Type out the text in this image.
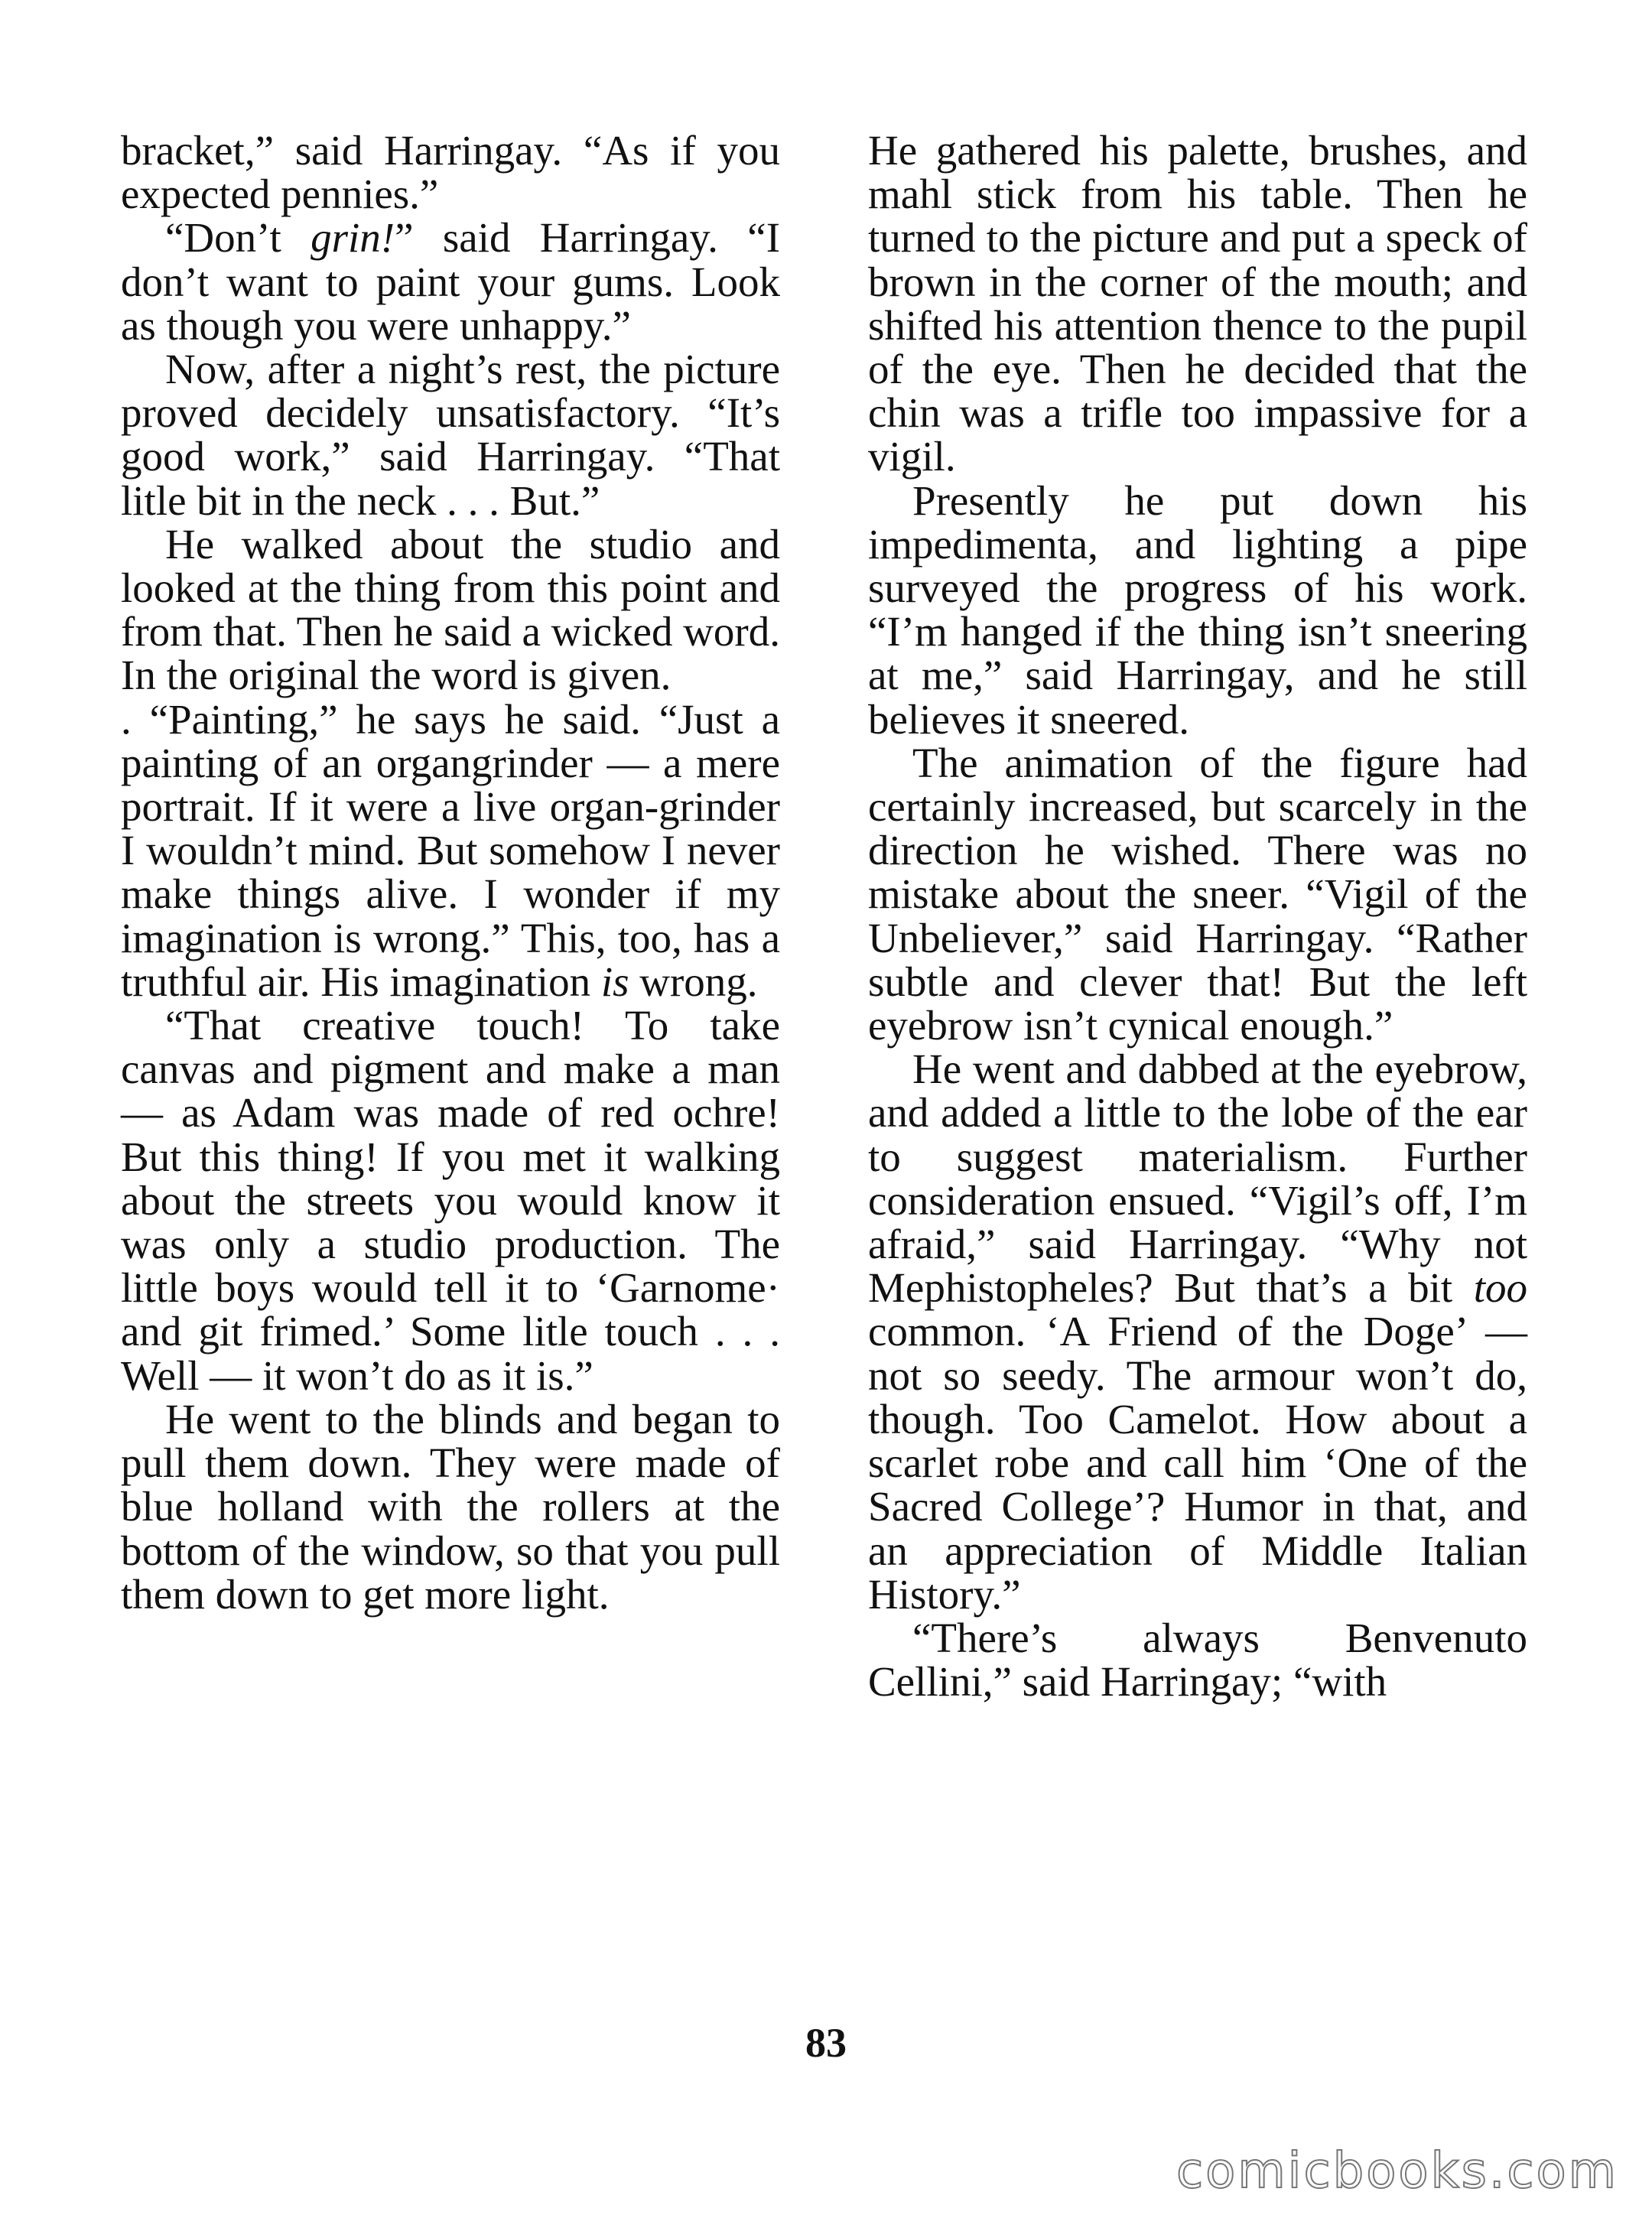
bracket,” said Harringay. “As if you expected pennies.”

“Don’t grin!” said Harringay. “I don’t want to paint your gums. Look as though you were unhappy.”

Now, after a night’s rest, the picture proved decidely unsatisfactory. “It’s good work,” said Harringay. “That litle bit in the neck . . . But.”

He walked about the studio and looked at the thing from this point and from that. Then he said a wicked word. In the original the word is given.

. “Painting,” he says he said. “Just a painting of an organgrinder — a mere portrait. If it were a live organ-grinder I wouldn’t mind. But somehow I never make things alive. I wonder if my imagination is wrong.” This, too, has a truthful air. His imagination is wrong.

“That creative touch! To take canvas and pigment and make a man — as Adam was made of red ochre! But this thing! If you met it walking about the streets you would know it was only a studio production. The little boys would tell it to ‘Garnome· and git frimed.’ Some litle touch . . . Well — it won’t do as it is.”

He went to the blinds and began to pull them down. They were made of blue holland with the rollers at the bottom of the window, so that you pull them down to get more light.

He gathered his palette, brushes, and mahl stick from his table. Then he turned to the picture and put a speck of brown in the corner of the mouth; and shifted his attention thence to the pupil of the eye. Then he decided that the chin was a trifle too impassive for a vigil.

Presently he put down his impedimenta, and lighting a pipe surveyed the progress of his work. “I’m hanged if the thing isn’t sneering at me,” said Harringay, and he still believes it sneered.

The animation of the figure had certainly increased, but scarcely in the direction he wished. There was no mistake about the sneer. “Vigil of the Unbeliever,” said Harringay. “Rather subtle and clever that! But the left eyebrow isn’t cynical enough.”

He went and dabbed at the eyebrow, and added a little to the lobe of the ear to suggest materialism. Further consideration ensued. “Vigil’s off, I’m afraid,” said Harringay. “Why not Mephistopheles? But that’s a bit too common. ‘A Friend of the Doge’ — not so seedy. The armour won’t do, though. Too Camelot. How about a scarlet robe and call him ‘One of the Sacred College’? Humor in that, and an appreciation of Middle Italian History.”

“There’s always Benvenuto Cellini,” said Harringay; “with

83
comicbooks.com
